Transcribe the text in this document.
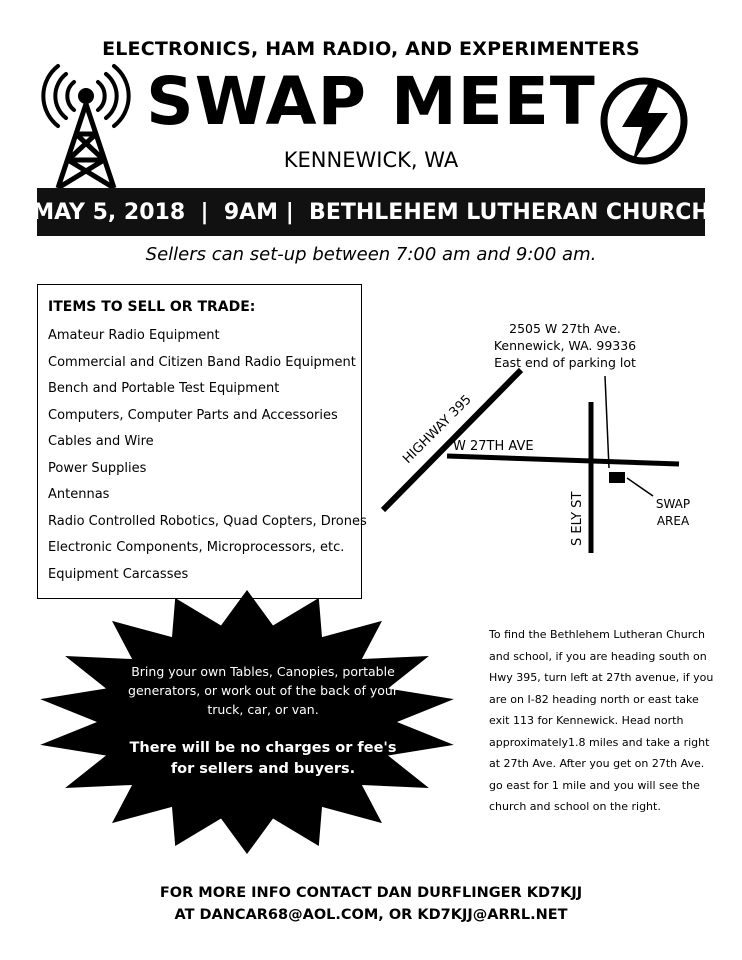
ELECTRONICS, HAM RADIO, AND EXPERIMENTERS
SWAP MEET
KENNEWICK, WA
MAY 5, 2018  |  9AM |  BETHLEHEM LUTHERAN CHURCH
Sellers can set-up between 7:00 am and 9:00 am.
ITEMS TO SELL OR TRADE:
Amateur Radio Equipment
Commercial and Citizen Band Radio Equipment
Bench and Portable Test Equipment
Computers, Computer Parts and Accessories
Cables and Wire
Power Supplies
Antennas
Radio Controlled Robotics, Quad Copters, Drones
Electronic Components, Microprocessors, etc.
Equipment Carcasses
2505 W 27th Ave.
Kennewick, WA. 99336
East end of parking lot
HIGHWAY 395
W 27TH AVE
S ELY ST	SWAP
AREA
Bring your own Tables, Canopies, portable generators, or work out of the back of your truck, car, or van.
There will be no charges or fee's for sellers and buyers.
To find the Bethlehem Lutheran Church and school, if you are heading south on Hwy 395, turn left at 27th avenue, if you are on I-82 heading north or east take exit 113 for Kennewick. Head north approximately1.8 miles and take a right at 27th Ave. After you get on 27th Ave. go east for 1 mile and you will see the church and school on the right.
FOR MORE INFO CONTACT DAN DURFLINGER KD7KJJ
AT DANCAR68@AOL.COM, OR KD7KJJ@ARRL.NET
